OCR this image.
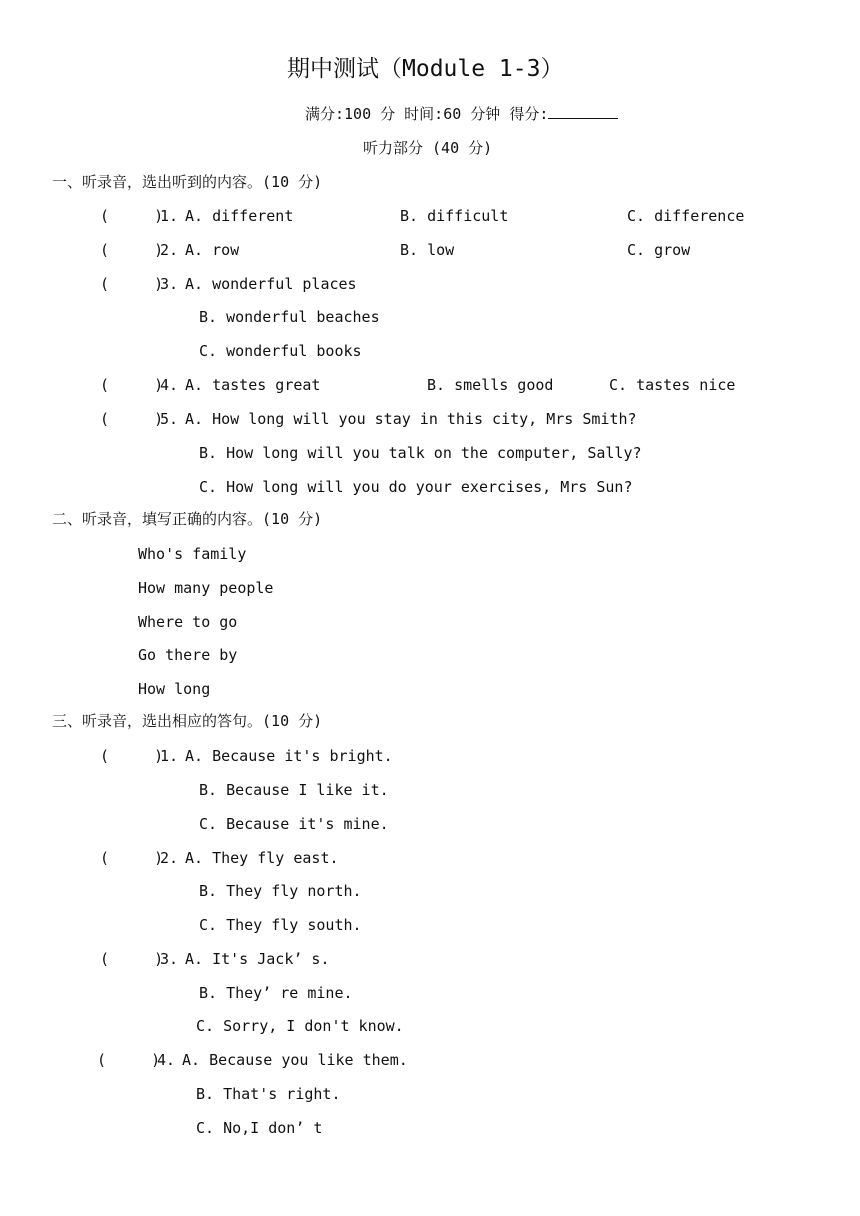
期中测试（Module 1-3）
满分:100 分 时间:60 分钟 得分:
听力部分 (40 分)
一、听录音，选出听到的内容。(10 分)
(     )
1. A. different	B. difficult	C. difference
(     )
2. A. row	B. low	C. grow
(     )
3. A. wonderful places
B. wonderful beaches
C. wonderful books
(     )
4. A. tastes great	B. smells good	C. tastes nice
(     )
5. A. How long will you stay in this city, Mrs Smith?
B. How long will you talk on the computer, Sally?
C. How long will you do your exercises, Mrs Sun?
二、听录音，填写正确的内容。(10 分)
Who's family
How many people
Where to go
Go there by
How long
三、听录音，选出相应的答句。(10 分)
(     )
1. A. Because it's bright.
B. Because I like it.
C. Because it's mine.
(     )
2. A. They fly east.
B. They fly north.
C. They fly south.
(     )
3. A. It's Jack’ s.
B. They’ re mine.
C. Sorry, I don't know.
(     )
4. A. Because you like them.
B. That's right.
C. No,I don’ t
